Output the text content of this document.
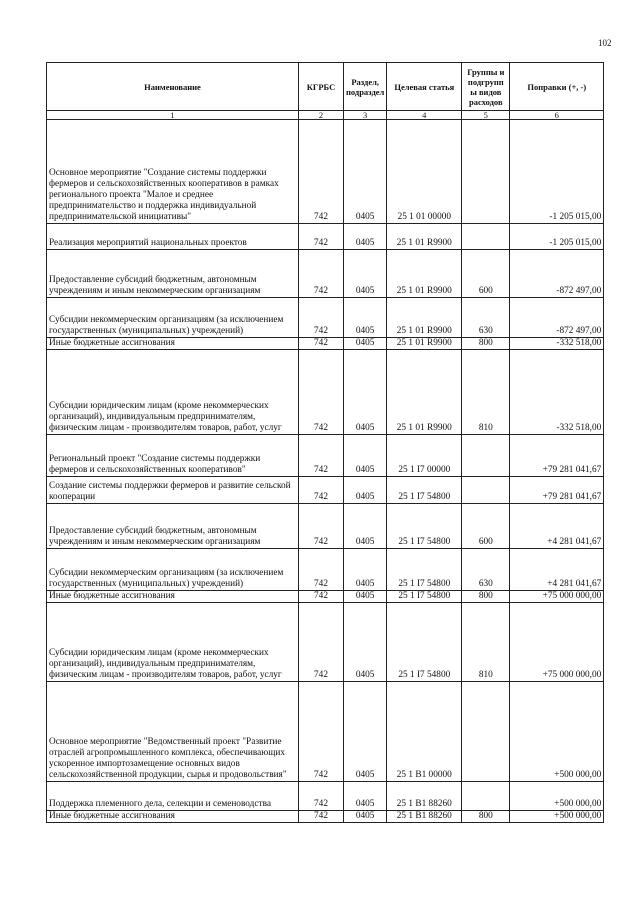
102
Наименование	КГРБС	Раздел, подраздел	Целевая статья	Группы и подгрупп ы видов расходов	Поправки (+, -)
1	2	3	4	5	6
Основное мероприятие "Создание системы поддержки фермеров и сельскохозяйственных кооперативов в рамках регионального проекта "Малое и среднее предпринимательство и поддержка индивидуальной предпринимательской инициативы"	742	0405	25 1 01 00000		-1 205 015,00
Реализация мероприятий национальных проектов	742	0405	25 1 01 R9900		-1 205 015,00
Предоставление субсидий бюджетным, автономным учреждениям и иным некоммерческим организациям	742	0405	25 1 01 R9900	600	-872 497,00
Субсидии некоммерческим организациям (за исключением государственных (муниципальных) учреждений)	742	0405	25 1 01 R9900	630	-872 497,00
Иные бюджетные ассигнования	742	0405	25 1 01 R9900	800	-332 518,00
Субсидии юридическим лицам (кроме некоммерческих организаций), индивидуальным предпринимателям, физическим лицам - производителям товаров, работ, услуг	742	0405	25 1 01 R9900	810	-332 518,00
Региональный проект "Создание системы поддержки фермеров и сельскохозяйственных кооперативов"	742	0405	25 1 I7 00000		+79 281 041,67
Создание системы поддержки фермеров и развитие сельской кооперации	742	0405	25 1 I7 54800		+79 281 041,67
Предоставление субсидий бюджетным, автономным учреждениям и иным некоммерческим организациям	742	0405	25 1 I7 54800	600	+4 281 041,67
Субсидии некоммерческим организациям (за исключением государственных (муниципальных) учреждений)	742	0405	25 1 I7 54800	630	+4 281 041,67
Иные бюджетные ассигнования	742	0405	25 1 I7 54800	800	+75 000 000,00
Субсидии юридическим лицам (кроме некоммерческих организаций), индивидуальным предпринимателям, физическим лицам - производителям товаров, работ, услуг	742	0405	25 1 I7 54800	810	+75 000 000,00
Основное мероприятие "Ведомственный проект "Развитие отраслей агропромышленного комплекса, обеспечивающих ускоренное импортозамещение основных видов сельскохозяйственной продукции, сырья и продовольствия"	742	0405	25 1 B1 00000		+500 000,00
Поддержка племенного дела, селекции и семеноводства	742	0405	25 1 B1 88260		+500 000,00
Иные бюджетные ассигнования	742	0405	25 1 B1 88260	800	+500 000,00
